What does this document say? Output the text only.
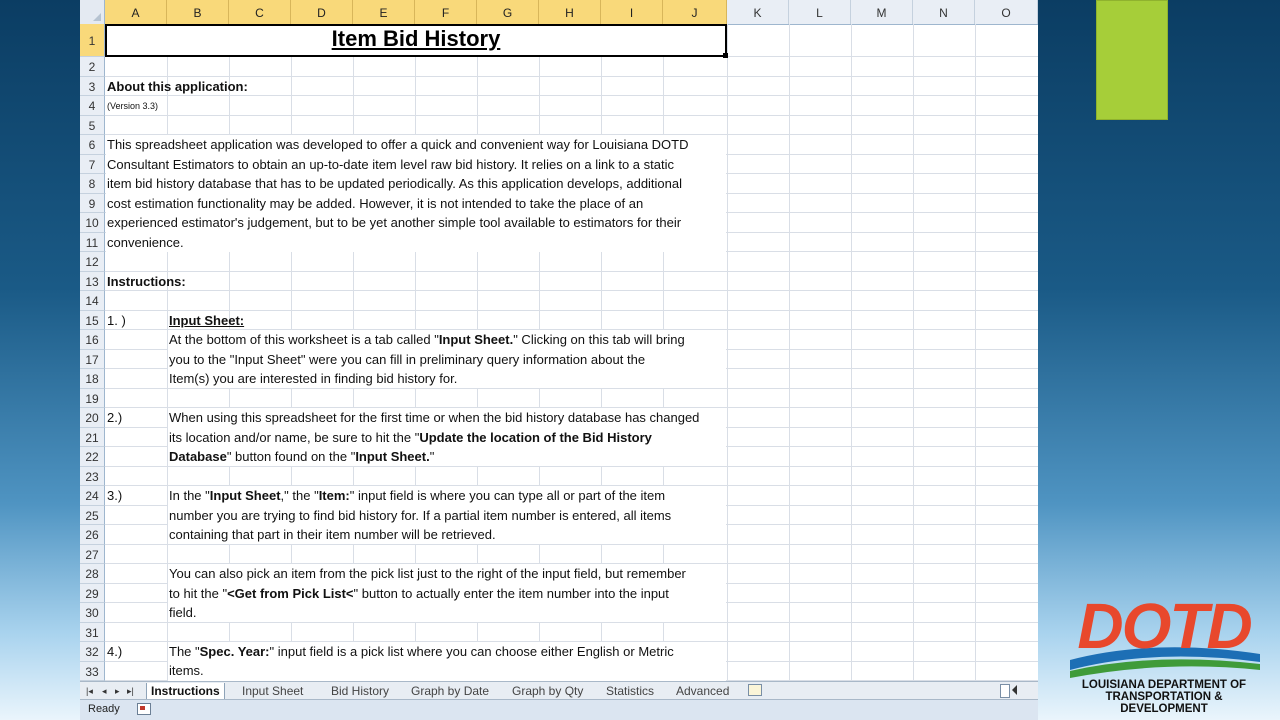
A	B	C	D	E	F	G	H	I	J	K	L	M	N	O
1
2
3
4
5
6
7
8
9
10
11
12
13
14
15
16
17
18
19
20
21
22
23
24
25
26
27
28
29
30
31
32
33
Item Bid History
About this application:
(Version 3.3)
This spreadsheet application was developed to offer a quick and convenient way for Louisiana DOTD
Consultant Estimators to obtain an up-to-date item level raw bid history. It relies on a link to a static
item bid history database that has to be updated periodically. As this application develops, additional
cost estimation functionality may be added. However, it is not intended to take the place of an
experienced estimator's judgement, but to be yet another simple tool available to estimators for their
convenience.
Instructions:
1. )	Input Sheet:
At the bottom of this worksheet is a tab called "Input Sheet." Clicking on this tab will bring
you to the "Input Sheet" were you can fill in preliminary query information about the
Item(s) you are interested in finding bid history for.
2.)	When using this spreadsheet for the first time or when the bid history database has changed
its location and/or name, be sure to hit the "Update the location of the Bid History
Database" button found on the "Input Sheet."
3.)	In the "Input Sheet," the "Item:" input field is where you can type all or part of the item
number you are trying to find bid history for. If a partial item number is entered, all items
containing that part in their item number will be retrieved.
You can also pick an item from the pick list just to the right of the input field, but remember
to hit the "<Get from Pick List<" button to actually enter the item number into the input
field.
4.)	The "Spec. Year:" input field is a pick list where you can choose either English or Metric
items.
|◂ ◂ ▸ ▸|	Instructions	Input Sheet Bid History Graph by Date Graph by Qty Statistics Advanced
Ready
DOTD
LOUISIANA DEPARTMENT OF
TRANSPORTATION & DEVELOPMENT
